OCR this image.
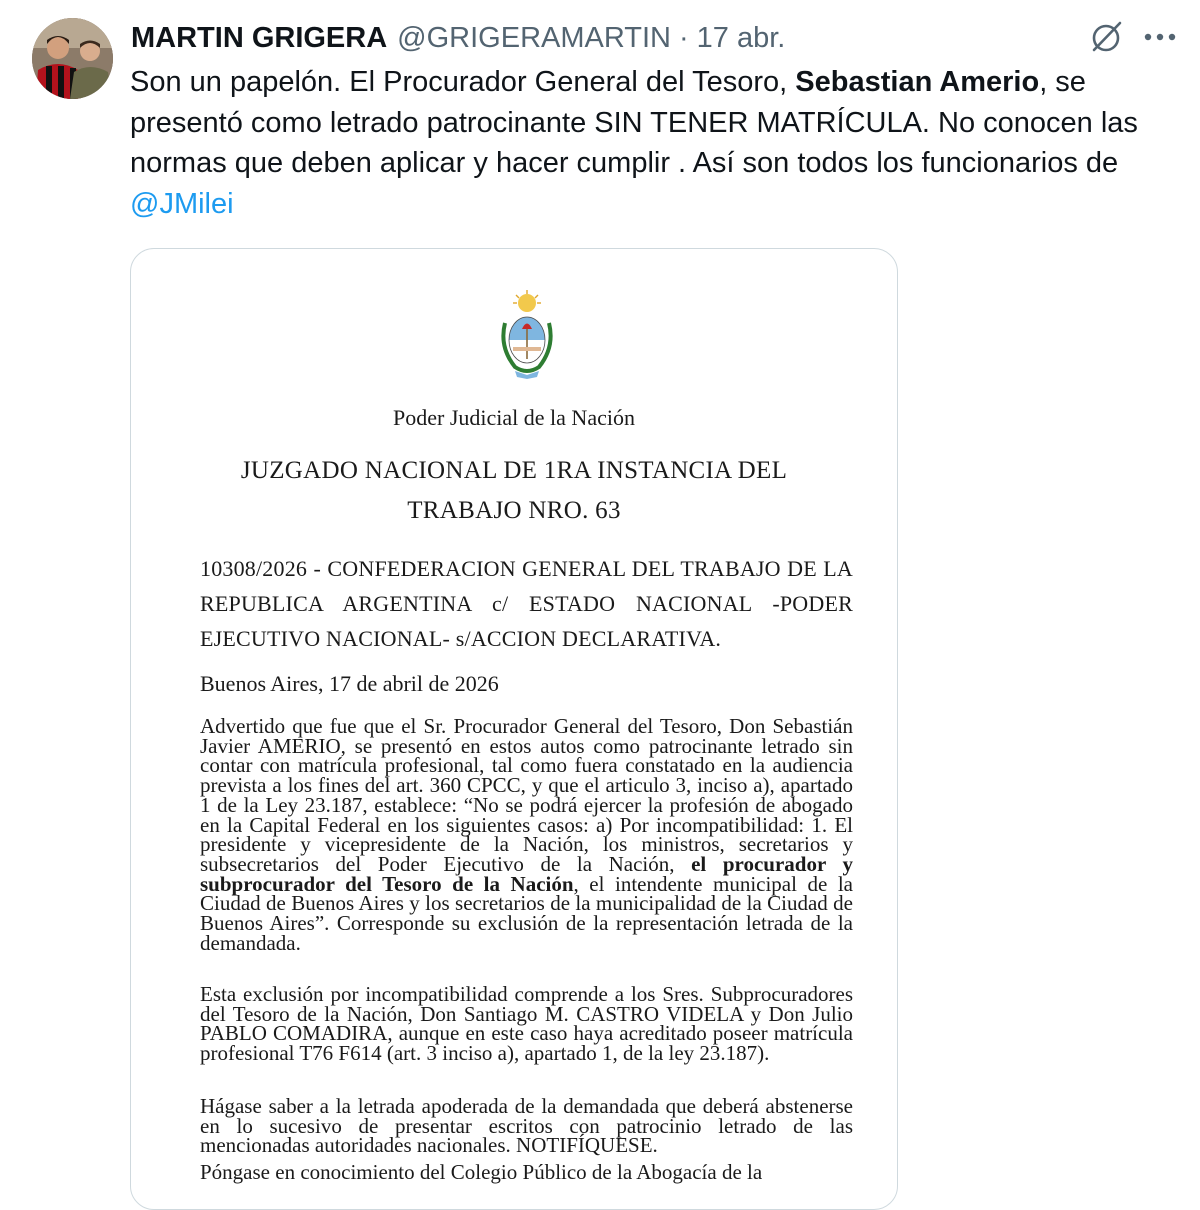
MARTIN GRIGERA @GRIGERAMARTIN · 17 abr.
Son un papelón. El Procurador General del Tesoro, Sebastian Amerio, se presentó como letrado patrocinante SIN TENER MATRÍCULA. No conocen las normas que deben aplicar y hacer cumplir . Así son todos los funcionarios de @JMilei
Poder Judicial de la Nación
JUZGADO NACIONAL DE 1RA INSTANCIA DEL
TRABAJO NRO. 63
10308/2026 - CONFEDERACION GENERAL DEL TRABAJO DE LA REPUBLICA ARGENTINA c/ ESTADO NACIONAL -PODER EJECUTIVO NACIONAL- s/ACCION DECLARATIVA.
Buenos Aires, 17 de abril de 2026
Advertido que fue que el Sr. Procurador General del Tesoro, Don Sebastián Javier AMERIO, se presentó en estos autos como patrocinante letrado sin contar con matrícula profesional, tal como fuera constatado en la audiencia prevista a los fines del art. 360 CPCC, y que el articulo 3, inciso a), apartado 1 de la Ley 23.187, establece: “No se podrá ejercer la profesión de abogado en la Capital Federal en los siguientes casos: a) Por incompatibilidad: 1. El presidente y vicepresidente de la Nación, los ministros, secretarios y subsecretarios del Poder Ejecutivo de la Nación, el procurador y subprocurador del Tesoro de la Nación, el intendente municipal de la Ciudad de Buenos Aires y los secretarios de la municipalidad de la Ciudad de Buenos Aires”. Corresponde su exclusión de la representación letrada de la demandada.
Esta exclusión por incompatibilidad comprende a los Sres. Subprocuradores del Tesoro de la Nación, Don Santiago M. CASTRO VIDELA y Don Julio PABLO COMADIRA, aunque en este caso haya acreditado poseer matrícula profesional T76 F614 (art. 3 inciso a), apartado 1, de la ley 23.187).
Hágase saber a la letrada apoderada de la demandada que deberá abstenerse en lo sucesivo de presentar escritos con patrocinio letrado de las mencionadas autoridades nacionales. NOTIFÍQUESE.
Póngase en conocimiento del Colegio Público de la Abogacía de la
